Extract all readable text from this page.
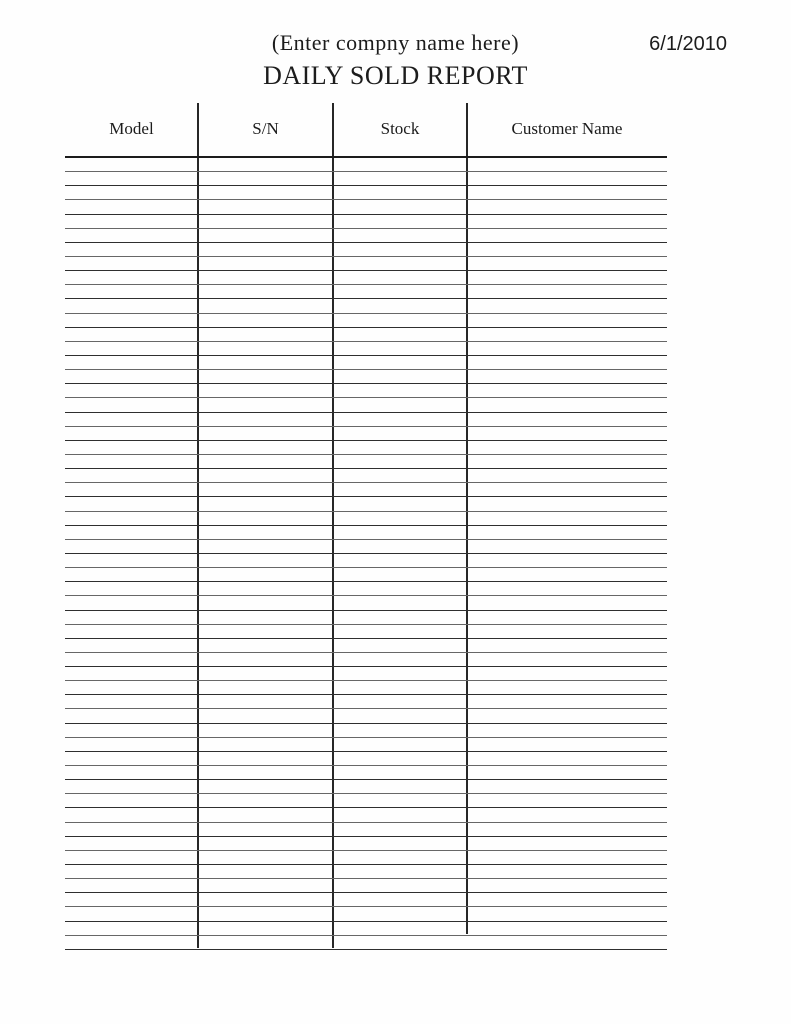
(Enter compny name here)	6/1/2010
DAILY SOLD REPORT
Model	S/N	Stock	Customer Name
